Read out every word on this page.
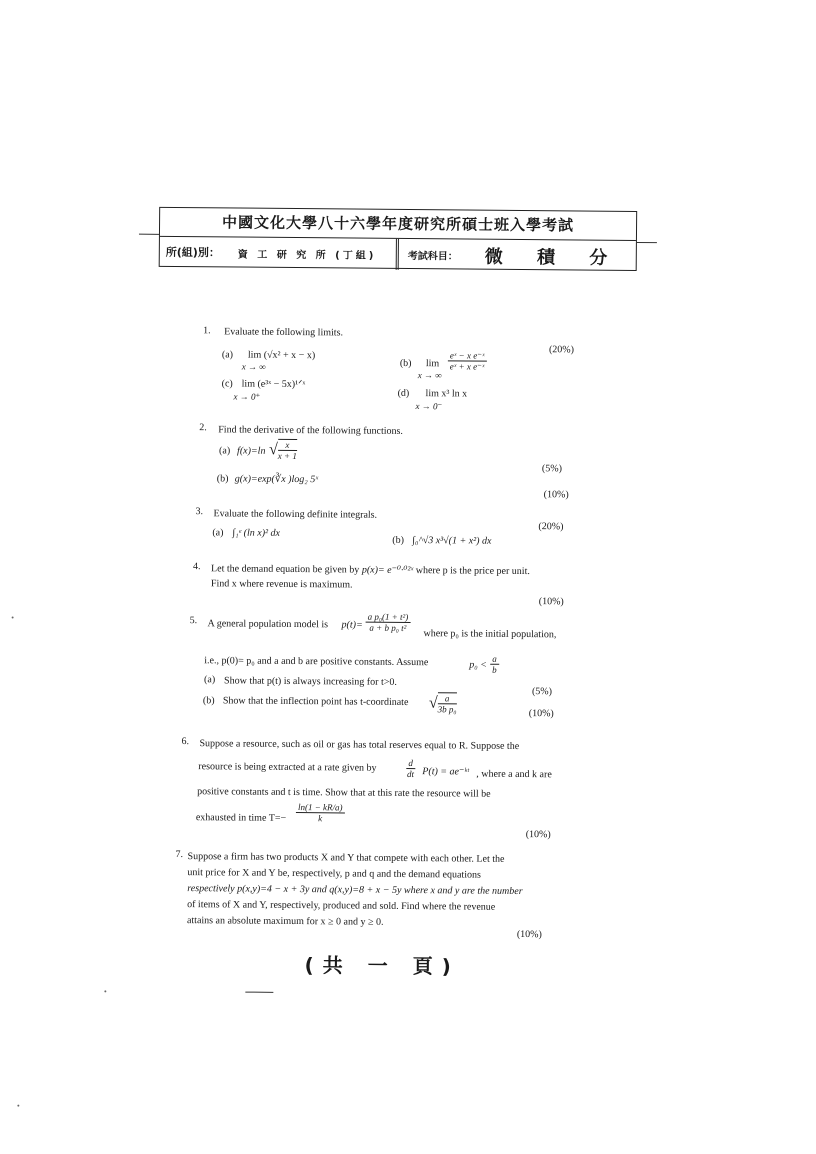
中國文化大學八十六學年度研究所碩士班入學考試
所(組)別： 資 工 研 究 所 (丁組)	考試科目： 微 積 分
1. Evaluate the following limits.
(20%)
(a) lim (√x² + x − x)
x → ∞	(b) $\lim \frac{\text{eˣ − x e⁻ˣ}}{\text{eˣ + x e⁻ˣ}}$
x → ∞
(c) lim (e³ˣ − 5x)¹ᐟˣ
x → 0⁺	(d) lim x³ ln x
x → 0⁻
2. Find the derivative of the following functions.
(a) f(x)=ln √ $\frac{x}{x + 1}$
(5%)
(b) g(x)=exp(∛x )log₂ 5ˣ
(10%)
3. Evaluate the following definite integrals.
(20%)
(a) ∫₁ᵉ (ln x)² dx
(b) ∫₀^√3 x³√(1 + x²) dx
4. Let the demand equation be given by p(x)= e⁻⁰·⁰²ˣ where p is the price per unit.
Find x where revenue is maximum.
(10%)
5. A general population model is $p(t)= \frac{\text{a p₀(1 + t²)}}{\text{a + b p₀ t²}}$
where p₀ is the initial population,
i.e., p(0)= p₀ and a and b are positive constants. Assume	$p_0 < \frac{a}{b}$
(a) Show that p(t) is always increasing for t>0.
(5%)
(b) Show that the inflection point has t-coordinate √ $\frac{a}{\text{3b p₀}}$	(10%)
6. Suppose a resource, such as oil or gas has total reserves equal to R. Suppose the
resource is being extracted at a rate given by	$\frac{d}{dt} P(t)$ = ae⁻ᵏᵗ , where a and k are
positive constants and t is time. Show that at this rate the resource will be
exhausted in time $T=- \frac{\ln(1 - kR/a)}{k}$
(10%)
7. Suppose a firm has two products X and Y that compete with each other. Let the
unit price for X and Y be, respectively, p and q and the demand equations
respectively p(x,y)=4 − x + 3y and q(x,y)=8 + x − 5y where x and y are the number
of items of X and Y, respectively, produced and sold. Find where the revenue
attains an absolute maximum for x ≥ 0 and y ≥ 0.
(10%)
(共 一 頁)
